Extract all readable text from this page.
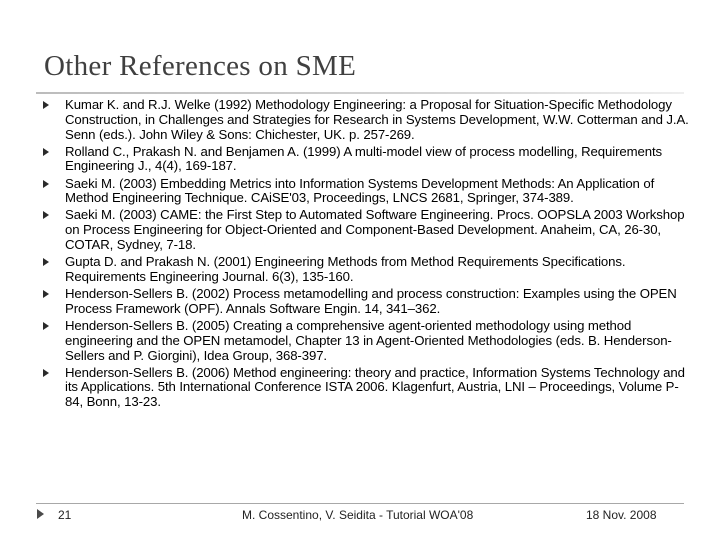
Other References on SME
Kumar K. and R.J. Welke (1992) Methodology Engineering: a Proposal for Situation-Specific Methodology Construction, in Challenges and Strategies for Research in Systems Development, W.W. Cotterman and J.A. Senn (eds.). John Wiley & Sons: Chichester, UK. p. 257-269.
Rolland C., Prakash N. and Benjamen A. (1999) A multi-model view of process modelling, Requirements Engineering J., 4(4), 169-187.
Saeki M. (2003) Embedding Metrics into Information Systems Development Methods: An Application of Method Engineering Technique. CAiSE'03, Proceedings, LNCS 2681, Springer, 374-389.
Saeki M. (2003) CAME: the First Step to Automated Software Engineering. Procs. OOPSLA 2003 Workshop on Process Engineering for Object-Oriented and Component-Based Development. Anaheim, CA, 26-30, COTAR, Sydney, 7-18.
Gupta D. and Prakash N. (2001) Engineering Methods from Method Requirements Specifications. Requirements Engineering Journal. 6(3), 135-160.
Henderson-Sellers B. (2002) Process metamodelling and process construction: Examples using the OPEN Process Framework (OPF). Annals Software Engin. 14, 341–362.
Henderson-Sellers B. (2005) Creating a comprehensive agent-oriented methodology using method engineering and the OPEN metamodel, Chapter 13 in Agent-Oriented Methodologies (eds. B. Henderson-Sellers and P. Giorgini), Idea Group, 368-397.
Henderson-Sellers B. (2006) Method engineering: theory and practice, Information Systems Technology and its Applications. 5th International Conference ISTA 2006. Klagenfurt, Austria, LNI – Proceedings, Volume P-84, Bonn, 13-23.
21	M. Cossentino, V. Seidita - Tutorial WOA'08	18 Nov. 2008
